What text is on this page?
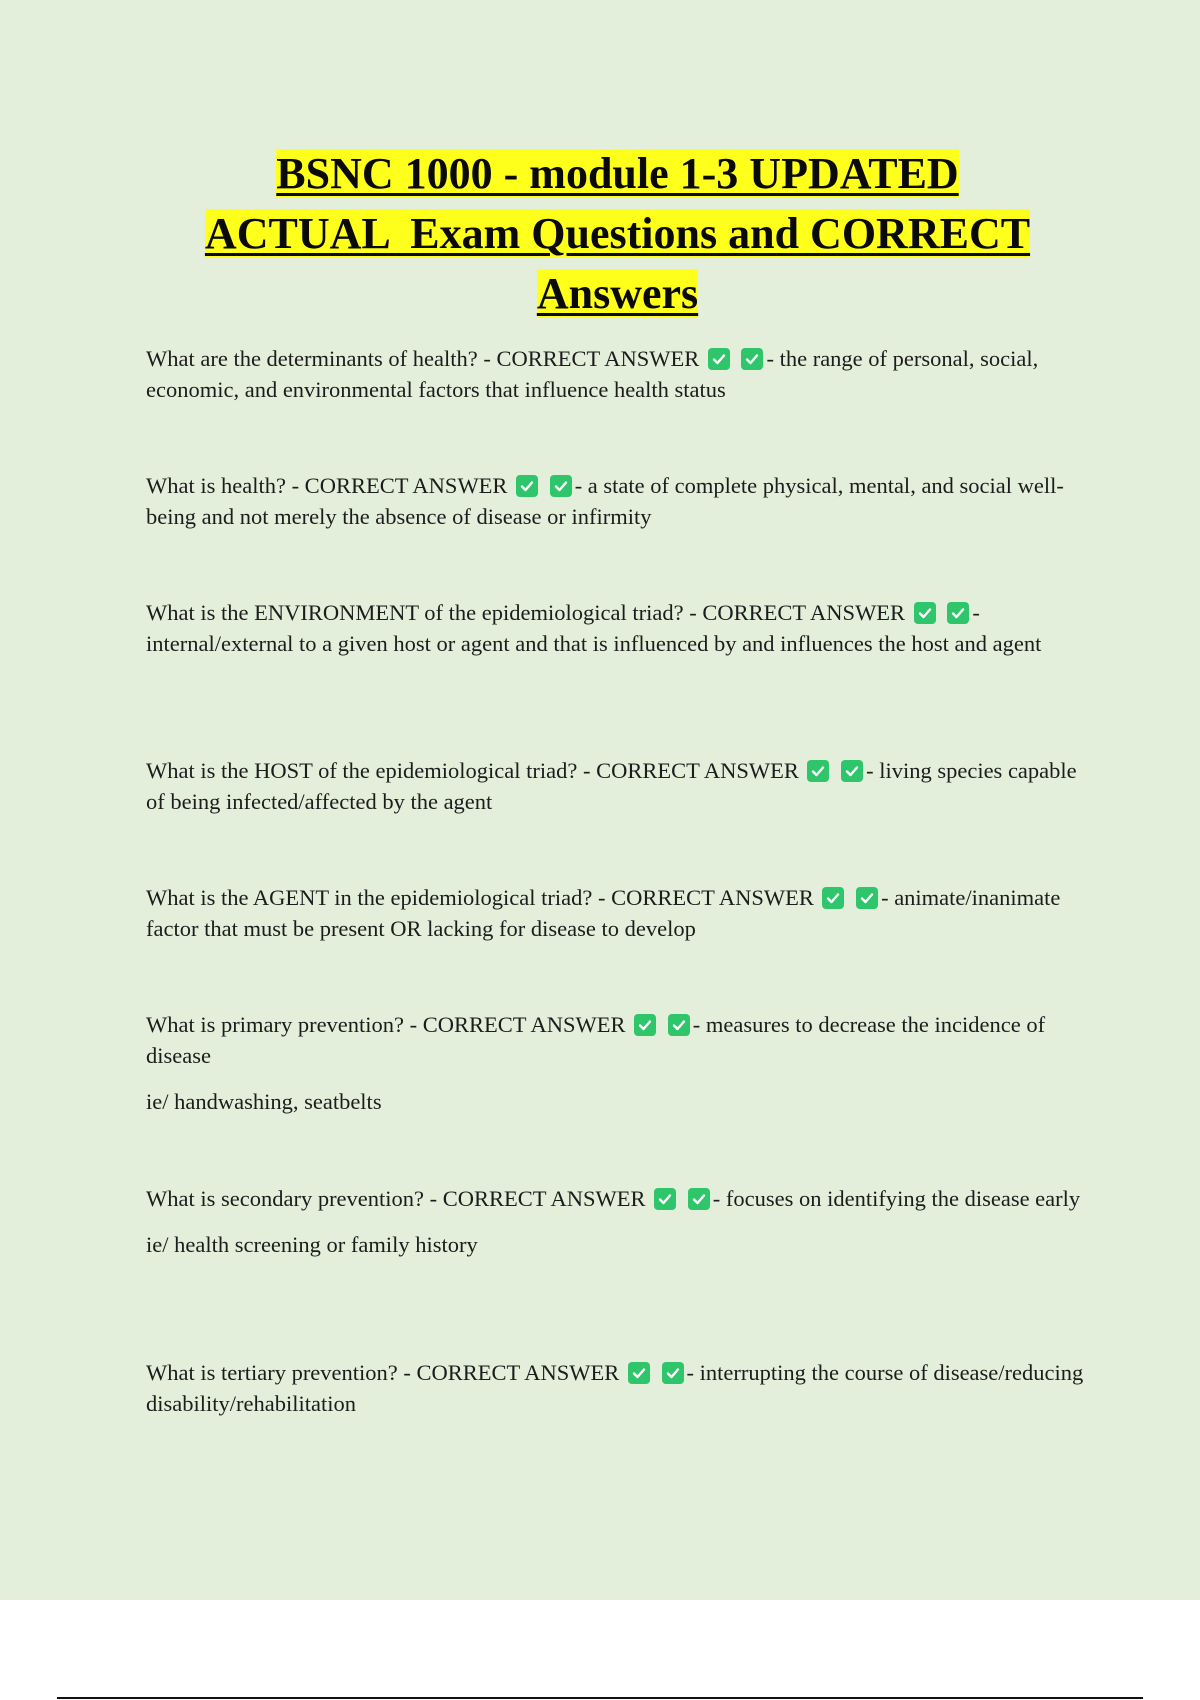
BSNC 1000 - module 1-3 UPDATED
ACTUAL  Exam Questions and CORRECT
Answers

What are the determinants of health? - CORRECT ANSWER
	- the range of personal, social, economic, and environmental factors that influence health status

What is health? - CORRECT ANSWER
	- a state of complete physical, mental, and social well-being and not merely the absence of disease or infirmity

What is the ENVIRONMENT of the epidemiological triad? - CORRECT ANSWER
	- internal/external to a given host or agent and that is influenced by and influences the host and agent

What is the HOST of the epidemiological triad? - CORRECT ANSWER
	- living species capable of being infected/affected by the agent

What is the AGENT in the epidemiological triad? - CORRECT ANSWER
	- animate/inanimate factor that must be present OR lacking for disease to develop

What is primary prevention? - CORRECT ANSWER
	- measures to decrease the incidence of disease

ie/ handwashing, seatbelts

What is secondary prevention? - CORRECT ANSWER
	- focuses on identifying the disease early

ie/ health screening or family history

What is tertiary prevention? - CORRECT ANSWER
	- interrupting the course of disease/reducing disability/rehabilitation
